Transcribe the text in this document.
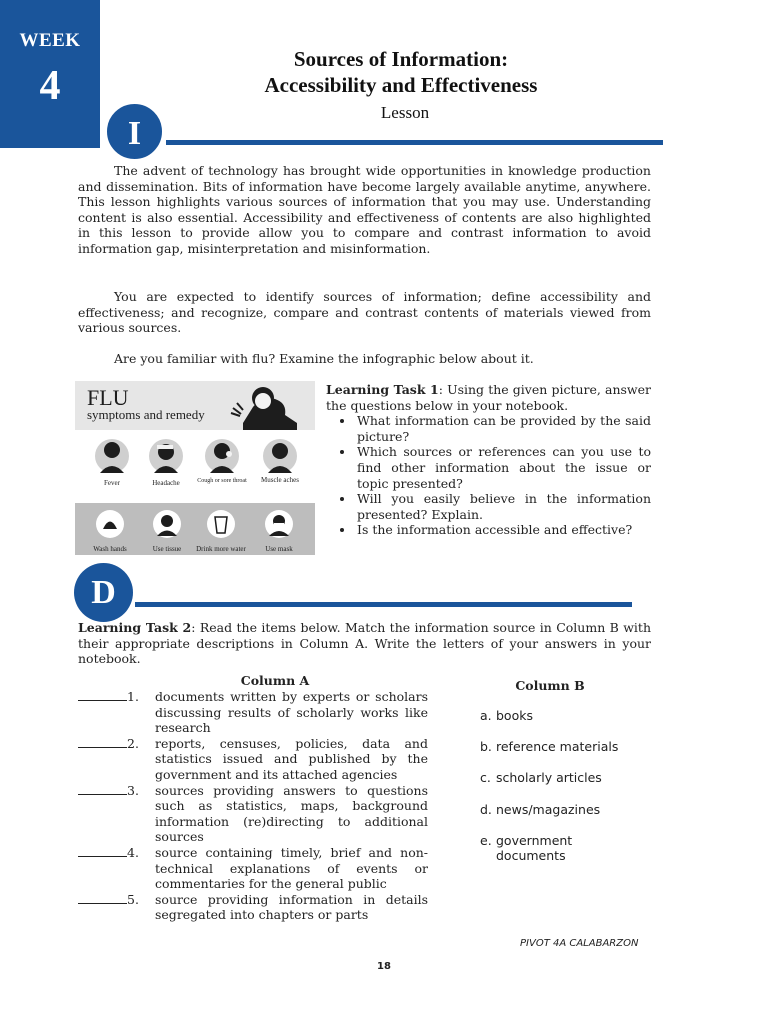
WEEK
4
Sources of Information:
Accessibility and Effectiveness
Lesson
I

The advent of technology has brought wide opportunities in knowledge production and dissemination. Bits of information have become largely available anytime, anywhere. This lesson highlights various sources of information that you may use. Understanding content is also essential. Accessibility and effectiveness of contents are also highlighted in this lesson to provide allow you to compare and contrast information to avoid information gap, misinterpretation and misinformation.

You are expected to identify sources of information; define accessibility and effectiveness; and recognize, compare and contrast contents of materials viewed from various sources.

Are you familiar with flu? Examine the infographic below about it.

FLU
symptoms and remedy
Fever	Headache	Cough or sore throat Muscle aches
Wash hands	Use tissue Drink more water	Use mask
Learning Task 1: Using the given picture, answer the questions below in your notebook.
• What information can be provided by the said picture?
• Which sources or references can you use to find other information about the issue or topic presented?
• Will you easily believe in the information presented? Explain.
• Is the information accessible and effective?
D

Learning Task 2: Read the items below. Match the information source in Column B with their appropriate descriptions in Column A. Write the letters of your answers in your notebook.

Column A	Column B
1.	documents written by experts or scholars discussing results of scholarly works like research
2.	reports, censuses, policies, data and statistics issued and published by the government and its attached agencies
3.	sources providing answers to questions such as statistics, maps, background information (re)directing to additional sources
4.	source containing timely, brief and non-technical explanations of events or commentaries for the general public
5.	source providing information in details segregated into chapters or parts
a. books
b. reference materials
c. scholarly articles
d. news/magazines
e. government
documents
PIVOT 4A CALABARZON
18
